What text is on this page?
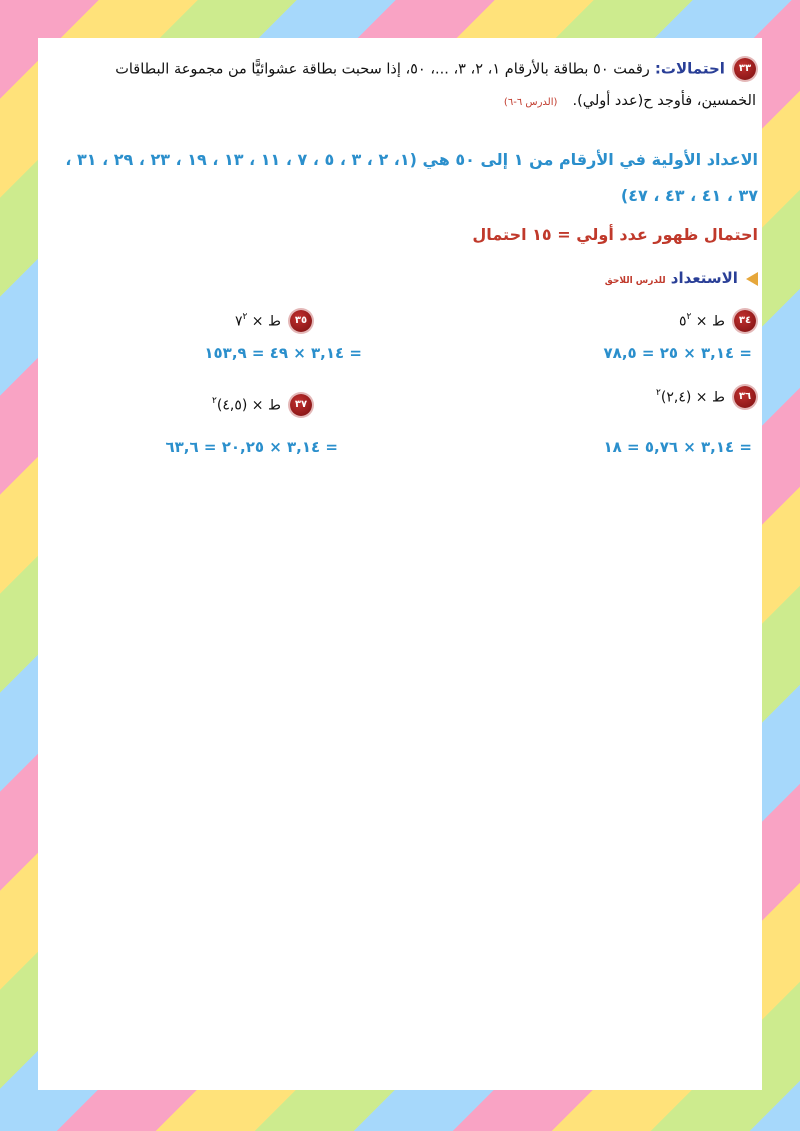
٣٣ احتمالات: رقمت ٥٠ بطاقة بالأرقام ١، ٢، ٣، ...، ٥٠، إذا سحبت بطاقة عشوائيًّا من مجموعة البطاقات
الخمسين، فأوجد ح(عدد أولي). (الدرس ٦-٦)
الاعداد الأولية في الأرقام من ١ إلى ٥٠ هي (١، ٢ ، ٣ ، ٥ ، ٧ ، ١١ ، ١٣ ، ١٩ ، ٢٣ ، ٢٩ ، ٣١ ،
٣٧ ، ٤١ ، ٤٣ ، ٤٧)
احتمال ظهور عدد أولي = ١٥ احتمال
الاستعداد للدرس اللاحق
٣٤ ط × $٥^٢$
= ٣,١٤ × ٢٥ = ٧٨,٥
٣٥ ط × $٧^٢$
= ٣,١٤ × ٤٩ = ١٥٣,٩
٣٦ ط × (٢,٤)$^٢$
= ٣,١٤ × ٥,٧٦ = ١٨
٣٧ ط × (٤,٥)$^٢$
= ٣,١٤ × ٢٠,٢٥ = ٦٣,٦
